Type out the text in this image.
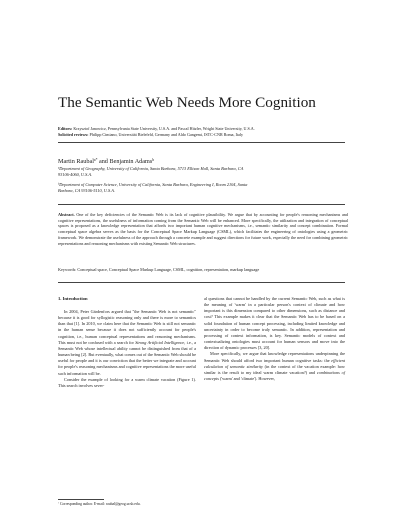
The Semantic Web Needs More Cognition
Editors: Krzysztof Janowicz, Pennsylvania State University, U.S.A. and Pascal Hitzler, Wright State University, U.S.A.
Solicited reviews: Philipp Cimiano, Universität Bielefeld, Germany and Aldo Gangemi, ISTC-CNR Roma, Italy
Martin Raubal$^{a*}$ and Benjamin Adams$^b$
$^a$Department of Geography, University of California, Santa Barbara, 5713 Ellison Hall, Santa Barbara, CA
93106-4060, U.S.A.
$^b$Department of Computer Science, University of California, Santa Barbara, Engineering I, Room 2104, Santa
Barbara, CA 93106-5110, U.S.A.
Abstract. One of the key deficiencies of the Semantic Web is its lack of cognitive plausibility. We argue that by accounting for people's reasoning mechanisms and cognitive representations, the usefulness of information coming from the Semantic Web will be enhanced. More specifically, the utilization and integration of conceptual spaces is proposed as a knowledge representation that affords two important human cognitive mechanisms, i.e., semantic similarity and concept combination. Formal conceptual space algebra serves as the basis for the Conceptual Space Markup Language (CSML), which facilitates the engineering of ontologies using a geometric framework. We demonstrate the usefulness of the approach through a concrete example and suggest directions for future work, especially the need for combining geometric representations and reasoning mechanisms with existing Semantic Web structures.
Keywords: Conceptual space, Conceptual Space Markup Language, CSML, cognition, representation, markup language
1. Introduction

In 2004, Peter Gärdenfors argued that "the Semantic Web is not semantic" because it is good for syllogistic reasoning only and there is more to semantics than that [1]. In 2010, we claim here that the Semantic Web is still not semantic in the human sense because it does not sufficiently account for people's cognition, i.e., human conceptual representations and reasoning mechanisms. This must not be confused with a search for Strong Artificial Intelligence, i.e., a Semantic Web whose intellectual ability cannot be distinguished from that of a human being [2]. But eventually, what comes out of the Semantic Web should be useful for people and it is our conviction that the better we integrate and account for people's reasoning mechanisms and cognitive representations the more useful such information will be.

Consider the example of looking for a warm climate vacation (Figure 1). This search involves sever-

al questions that cannot be handled by the current Semantic Web, such as what is the meaning of 'warm' in a particular person's context of climate and how important is this dimension compared to other dimensions, such as distance and cost? This example makes it clear that the Semantic Web has to be based on a solid foundation of human concept processing, including limited knowledge and uncertainty in order to become truly semantic. In addition, representation and processing of context information, is key. Semantic models of context and contextualizing ontologies must account for human sensors and move into the direction of dynamic processes [3, 20].

More specifically, we argue that knowledge representations underpinning the Semantic Web should afford two important human cognitive tasks: the efficient calculation of semantic similarity (in the context of the vacation example: how similar is the result to my ideal warm climate vacation?) and combinations of concepts ('warm' and 'climate'). However,

* Corresponding author. E-mail: raubal@geog.ucsb.edu.
